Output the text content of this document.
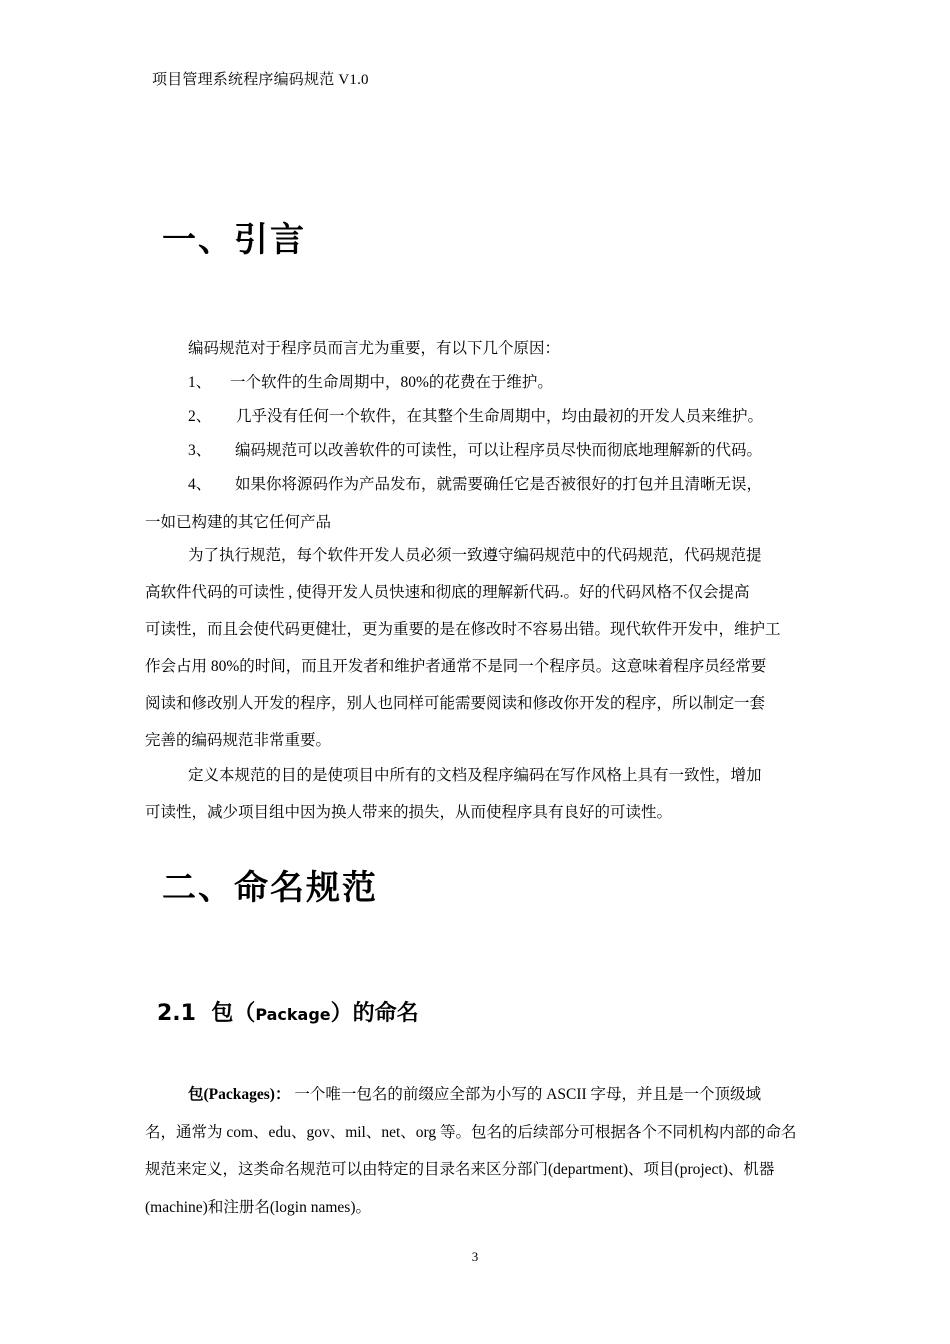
项目管理系统程序编码规范 V1.0
一、引言
编码规范对于程序员而言尤为重要，有以下几个原因：
1、 一个软件的生命周期中，80%的花费在于维护。
2、 几乎没有任何一个软件，在其整个生命周期中，均由最初的开发人员来维护。
3、 编码规范可以改善软件的可读性，可以让程序员尽快而彻底地理解新的代码。
4、 如果你将源码作为产品发布，就需要确任它是否被很好的打包并且清晰无误，
一如已构建的其它任何产品
为了执行规范，每个软件开发人员必须一致遵守编码规范中的代码规范，代码规范提
高软件代码的可读性 , 使得开发人员快速和彻底的理解新代码.。好的代码风格不仅会提高
可读性，而且会使代码更健壮，更为重要的是在修改时不容易出错。现代软件开发中，维护工
作会占用 80%的时间，而且开发者和维护者通常不是同一个程序员。这意味着程序员经常要
阅读和修改别人开发的程序，别人也同样可能需要阅读和修改你开发的程序，所以制定一套
完善的编码规范非常重要。
定义本规范的目的是使项目中所有的文档及程序编码在写作风格上具有一致性，增加
可读性，减少项目组中因为换人带来的损失，从而使程序具有良好的可读性。
二、命名规范
2.1 包（Package）的命名
包(Packages)： 一个唯一包名的前缀应全部为小写的 ASCII 字母，并且是一个顶级域
名，通常为 com、edu、gov、mil、net、org 等。包名的后续部分可根据各个不同机构内部的命名
规范来定义，这类命名规范可以由特定的目录名来区分部门(department)、项目(project)、机器
(machine)和注册名(login names)。
3
